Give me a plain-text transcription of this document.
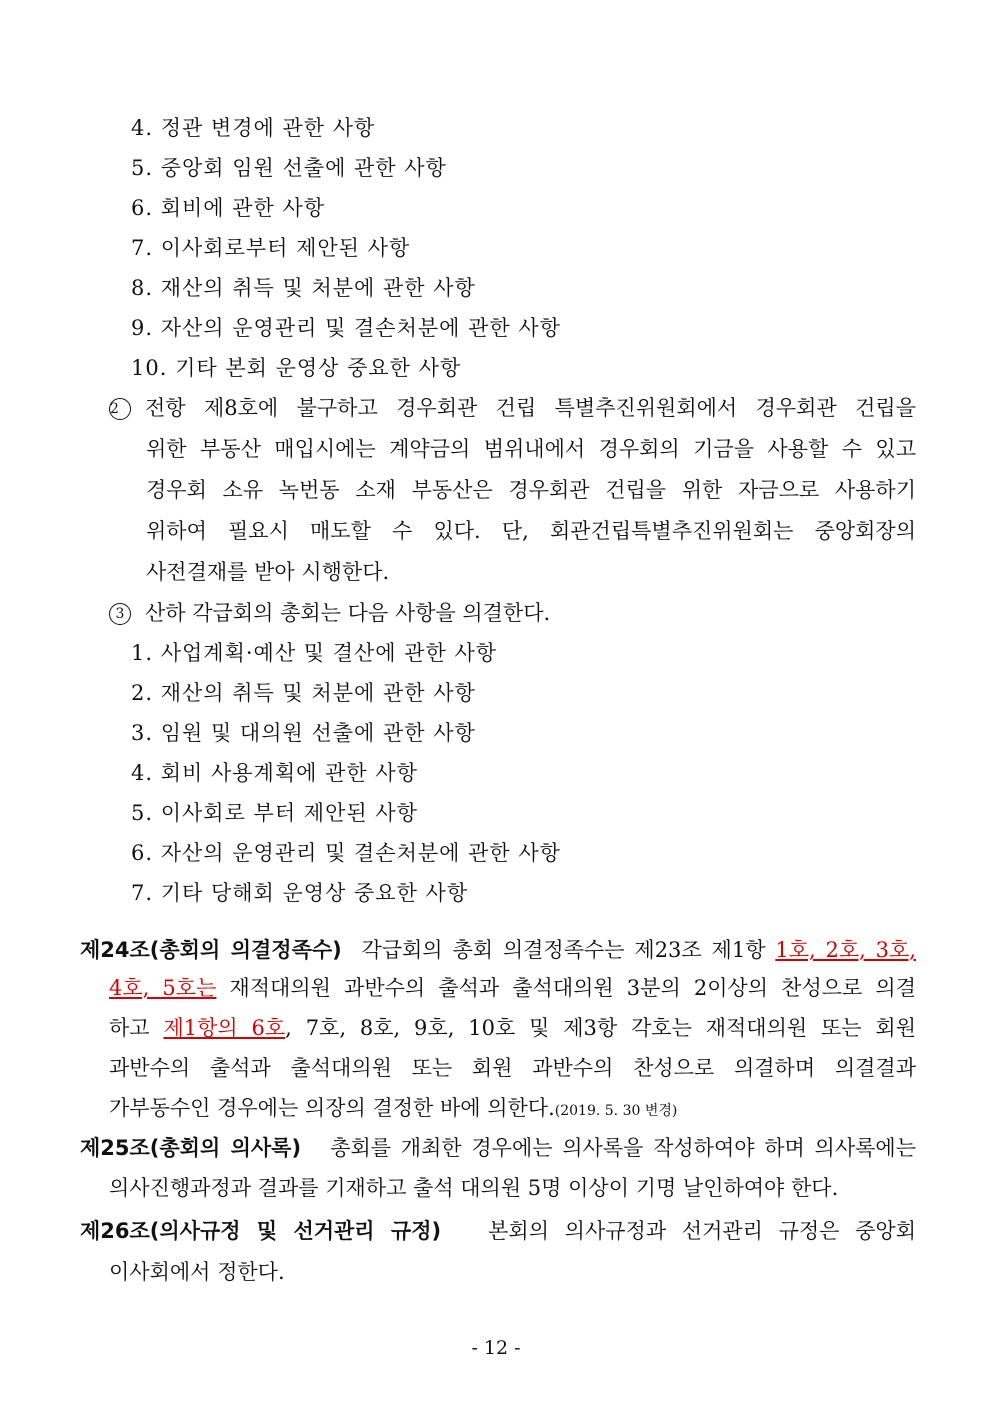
4. 정관 변경에 관한 사항
5. 중앙회 임원 선출에 관한 사항
6. 회비에 관한 사항
7. 이사회로부터 제안된 사항
8. 재산의 취득 및 처분에 관한 사항
9. 자산의 운영관리 및 결손처분에 관한 사항
10. 기타 본회 운영상 중요한 사항
2 전항 제8호에 불구하고 경우회관 건립 특별추진위원회에서 경우회관 건립을
위한 부동산 매입시에는 계약금의 범위내에서 경우회의 기금을 사용할 수 있고
경우회 소유 녹번동 소재 부동산은 경우회관 건립을 위한 자금으로 사용하기
위하여 필요시 매도할 수 있다. 단, 회관건립특별추진위원회는 중앙회장의
사전결재를 받아 시행한다.
3 산하 각급회의 총회는 다음 사항을 의결한다.
1. 사업계획·예산 및 결산에 관한 사항
2. 재산의 취득 및 처분에 관한 사항
3. 임원 및 대의원 선출에 관한 사항
4. 회비 사용계획에 관한 사항
5. 이사회로 부터 제안된 사항
6. 자산의 운영관리 및 결손처분에 관한 사항
7. 기타 당해회 운영상 중요한 사항
제24조(총회의 의결정족수) 각급회의 총회 의결정족수는 제23조 제1항 1호, 2호, 3호,
4호, 5호는 재적대의원 과반수의 출석과 출석대의원 3분의 2이상의 찬성으로 의결
하고 제1항의 6호, 7호, 8호, 9호, 10호 및 제3항 각호는 재적대의원 또는 회원
과반수의 출석과 출석대의원 또는 회원 과반수의 찬성으로 의결하며 의결결과
가부동수인 경우에는 의장의 결정한 바에 의한다.(2019. 5. 30 변경)
제25조(총회의 의사록) 총회를 개최한 경우에는 의사록을 작성하여야 하며 의사록에는
의사진행과정과 결과를 기재하고 출석 대의원 5명 이상이 기명 날인하여야 한다.
제26조(의사규정 및 선거관리 규정) 본회의 의사규정과 선거관리 규정은 중앙회
이사회에서 정한다.
- 12 -
